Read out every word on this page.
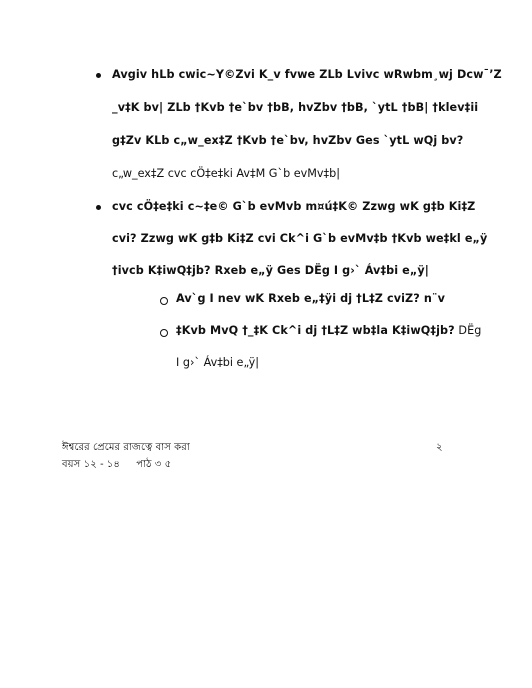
Avgiv hLb cwic~Y©Zvi K_v fvwe ZLb Lvivc wRwbm¸wj Dcw¯’Z
_v‡K bv| ZLb †Kvb †e`bv †bB, hvZbv †bB, `ytL †bB| †klev‡ii
g‡Zv KLb c„w_ex‡Z †Kvb †e`bv, hvZbv Ges `ytL wQj bv?
c„w_ex‡Z cvc cÖ‡e‡ki Av‡M G`b evMv‡b|
cvc cÖ‡e‡ki c~‡e© G`b evMvb m¤ú‡K© Zzwg wK g‡b Ki‡Z
cvi? Zzwg wK g‡b Ki‡Z cvi Ck^i G`b evMv‡b †Kvb we‡kl e„ÿ
†ivcb K‡iwQ‡jb? Rxeb e„ÿ Ges DËg I g›` Áv‡bi e„ÿ|
Av`g I nev wK Rxeb e„‡ÿi dj †L‡Z cviZ? n¨v
‡Kvb MvQ †_‡K Ck^i dj †L‡Z wb‡la K‡iwQ‡jb? DËg
I g›` Áv‡bi e„ÿ|
ঈশ্বরের প্রেমের রাজত্বে বাস করা	২
বয়স ১২ - ১৪     পাঠ ৩ ৫
